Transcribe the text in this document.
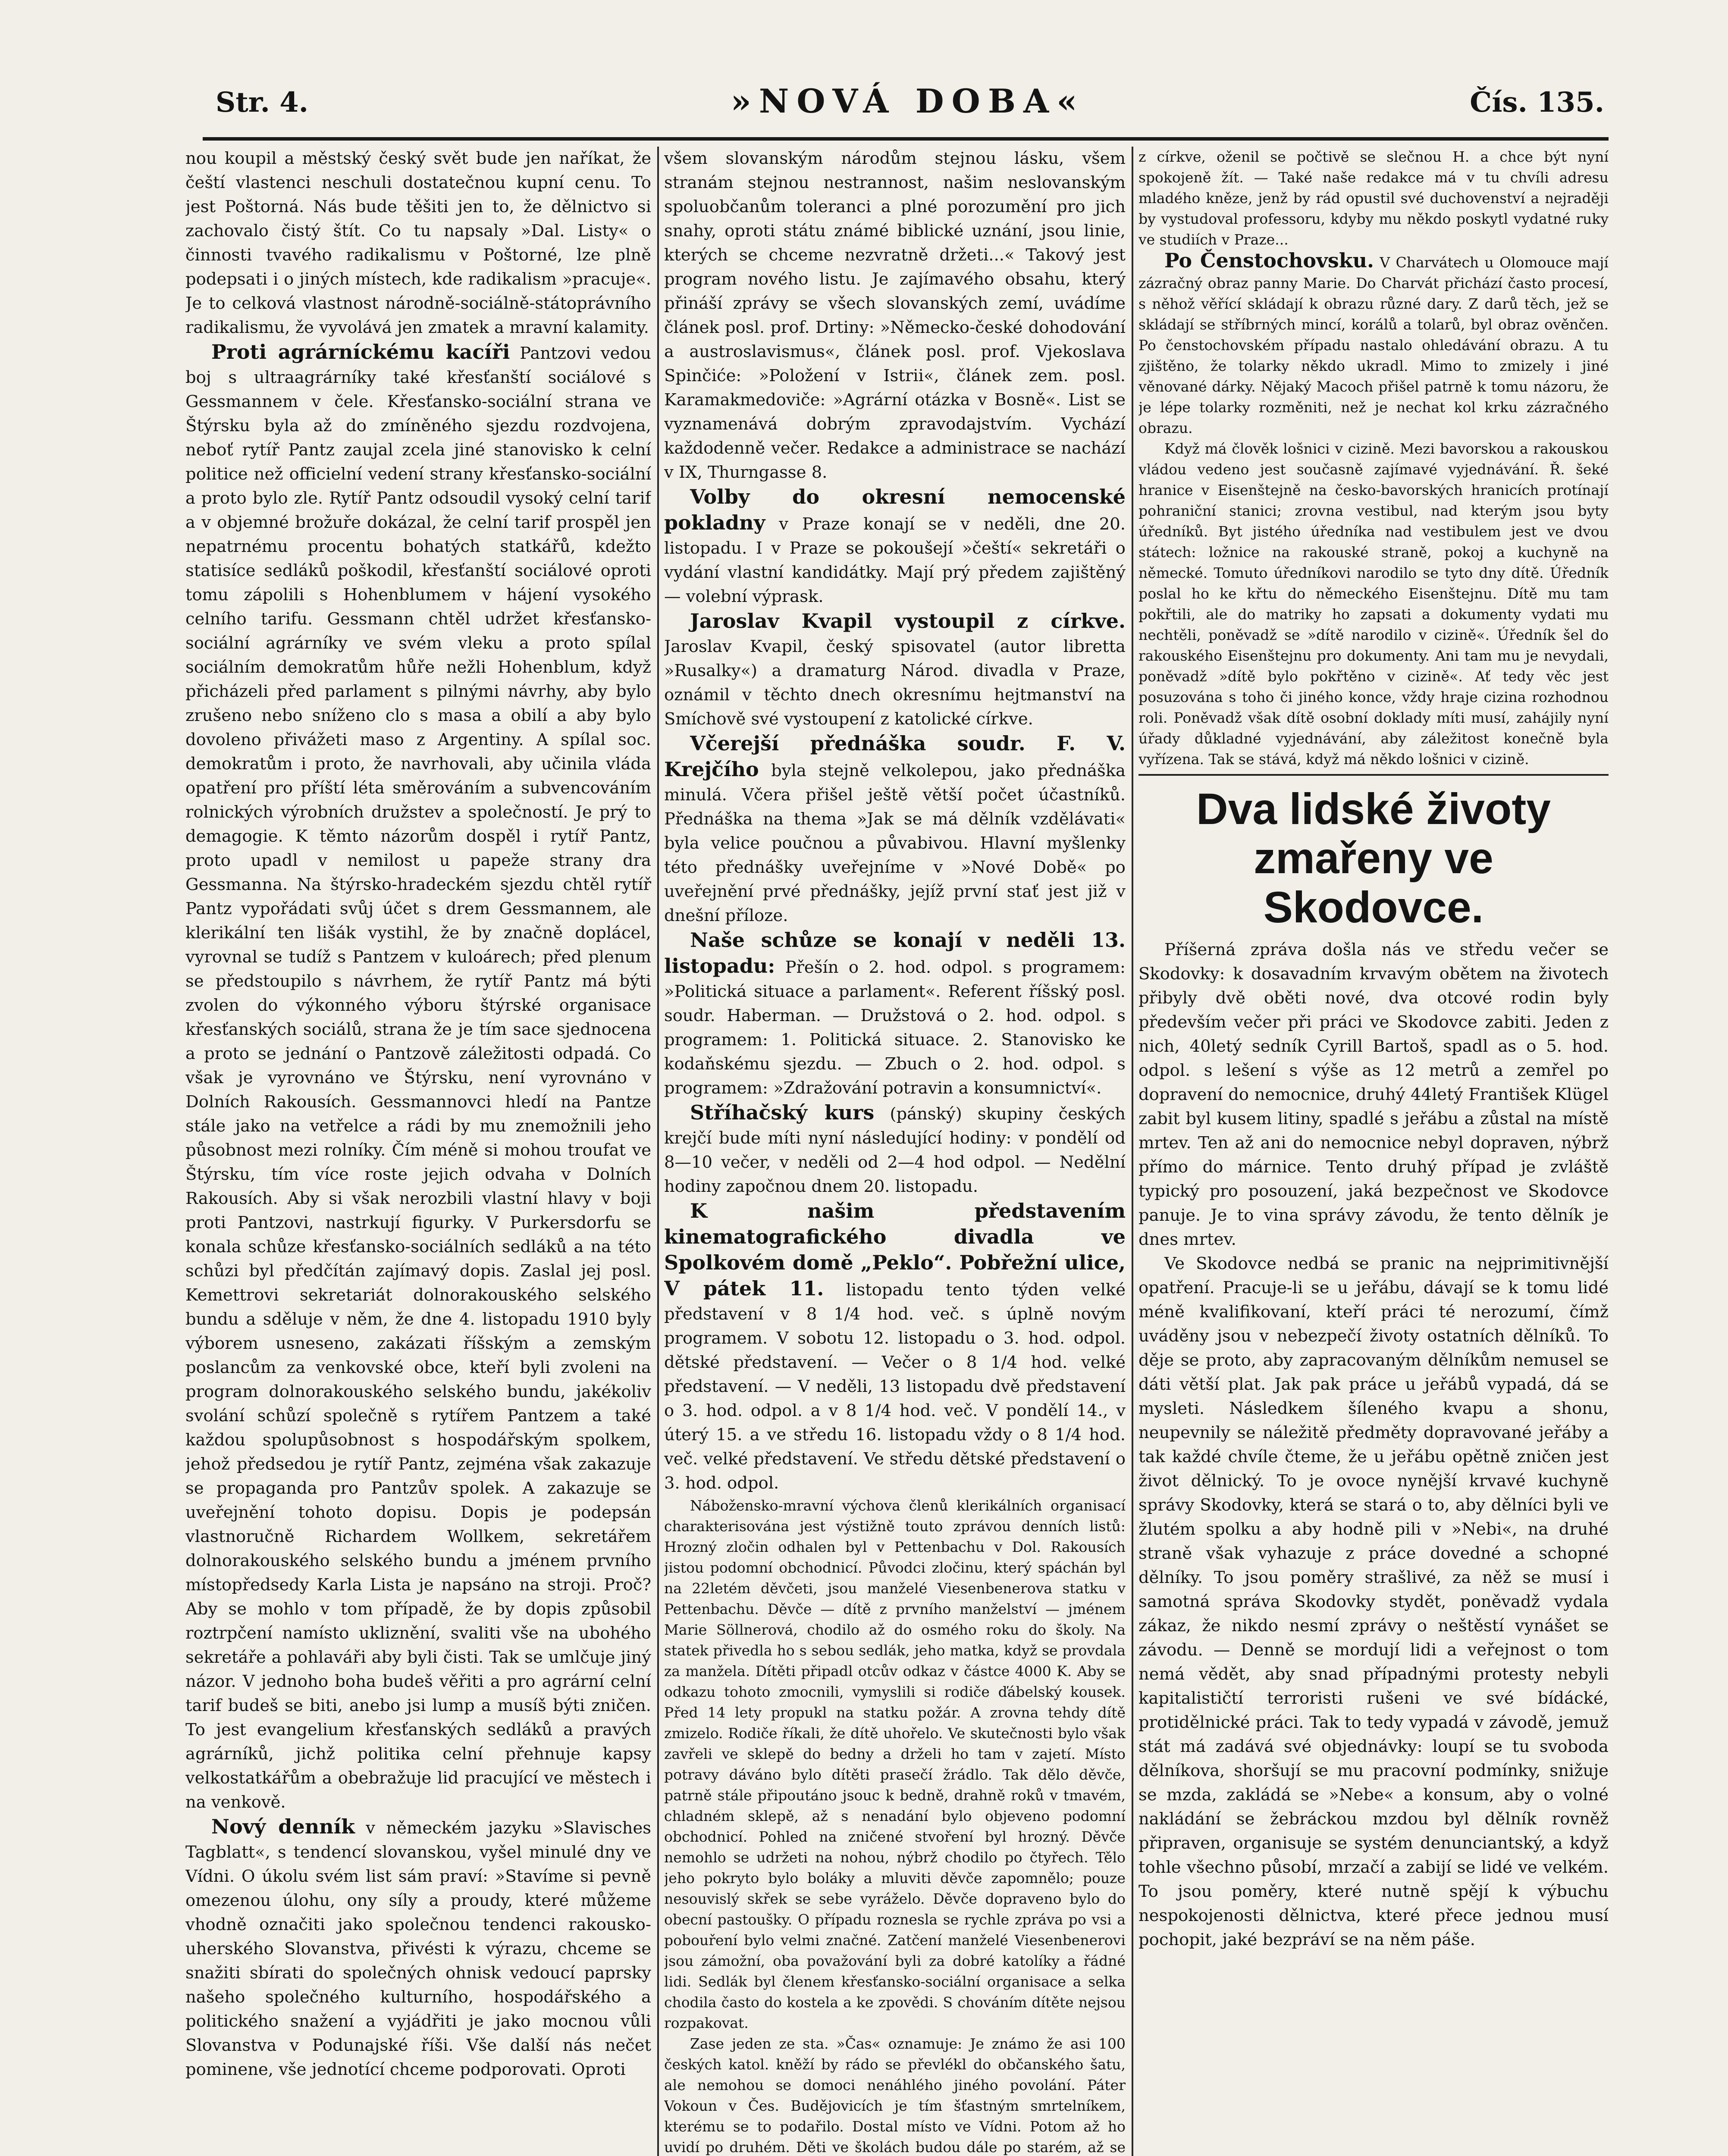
Str. 4.	»NOVÁ DOBA«	Čís. 135.

nou koupil a městský český svět bude jen naříkat, že čeští vlastenci neschuli dostatečnou kupní cenu. To jest Poštorná. Nás bude těšiti jen to, že dělnictvo si zachovalo čistý štít. Co tu napsaly »Dal. Listy« o činnosti tvavého radikalismu v Poštorné, lze plně podepsati i o jiných místech, kde radikalism »pracuje«. Je to celková vlastnost národně-sociálně-státoprávního radikalismu, že vyvolává jen zmatek a mravní kalamity.

Proti agrárníckému kacíři Pantzovi vedou boj s ultraagrárníky také křesťanští sociálové s Gessmannem v čele. Křesťansko-sociální strana ve Štýrsku byla až do zmíněného sjezdu rozdvojena, neboť rytíř Pantz zaujal zcela jiné stanovisko k celní politice než officielní vedení strany křesťansko-sociální a proto bylo zle. Rytíř Pantz odsoudil vysoký celní tarif a v objemné brožuře dokázal, že celní tarif prospěl jen nepatrnému procentu bohatých statkářů, kdežto statisíce sedláků poškodil, křesťanští sociálové oproti tomu zápolili s Hohenblumem v hájení vysokého celního tarifu. Gessmann chtěl udržet křesťansko-sociální agrárníky ve svém vleku a proto spílal sociálním demokratům hůře nežli Hohenblum, když přicházeli před parlament s pilnými návrhy, aby bylo zrušeno nebo sníženo clo s masa a obilí a aby bylo dovoleno přivážeti maso z Argentiny. A spílal soc. demokratům i proto, že navrhovali, aby učinila vláda opatření pro příští léta směrováním a subvencováním rolnických výrobních družstev a společností. Je prý to demagogie. K těmto názorům dospěl i rytíř Pantz, proto upadl v nemilost u papeže strany dra Gessmanna. Na štýrsko-hradeckém sjezdu chtěl rytíř Pantz vypořádati svůj účet s drem Gessmannem, ale klerikální ten lišák vystihl, že by značně doplácel, vyrovnal se tudíž s Pantzem v kuloárech; před plenum se předstoupilo s návrhem, že rytíř Pantz má býti zvolen do výkonného výboru štýrské organisace křesťanských sociálů, strana že je tím sace sjednocena a proto se jednání o Pantzově záležitosti odpadá. Co však je vyrovnáno ve Štýrsku, není vyrovnáno v Dolních Rakousích. Gessmannovci hledí na Pantze stále jako na vetřelce a rádi by mu znemožnili jeho působnost mezi rolníky. Čím méně si mohou troufat ve Štýrsku, tím více roste jejich odvaha v Dolních Rakousích. Aby si však nerozbili vlastní hlavy v boji proti Pantzovi, nastrkují figurky. V Purkersdorfu se konala schůze křesťansko-sociálních sedláků a na této schůzi byl předčítán zajímavý dopis. Zaslal jej posl. Kemettrovi sekretariát dolnorakouského selského bundu a sděluje v něm, že dne 4. listopadu 1910 byly výborem usneseno, zakázati říšským a zemským poslancům za venkovské obce, kteří byli zvoleni na program dolnorakouského selského bundu, jakékoliv svolání schůzí společně s rytířem Pantzem a také každou spolupůsobnost s hospodářským spolkem, jehož předsedou je rytíř Pantz, zejména však zakazuje se propaganda pro Pantzův spolek. A zakazuje se uveřejnění tohoto dopisu. Dopis je podepsán vlastnoručně Richardem Wollkem, sekretářem dolnorakouského selského bundu a jménem prvního místopředsedy Karla Lista je napsáno na stroji. Proč? Aby se mohlo v tom případě, že by dopis způsobil roztrpčení namísto ukliznění, svaliti vše na ubohého sekretáře a pohlaváři aby byli čisti. Tak se umlčuje jiný názor. V jednoho boha budeš věřiti a pro agrární celní tarif budeš se biti, anebo jsi lump a musíš býti zničen. To jest evangelium křesťanských sedláků a pravých agrárníků, jichž politika celní přehnuje kapsy velkostatkářům a obebražuje lid pracující ve městech i na venkově.

Nový denník v německém jazyku »Slavisches Tagblatt«, s tendencí slovanskou, vyšel minulé dny ve Vídni. O úkolu svém list sám praví: »Stavíme si pevně omezenou úlohu, ony síly a proudy, které můžeme vhodně označiti jako společnou tendenci rakousko-uherského Slovanstva, přivésti k výrazu, chceme se snažiti sbírati do společných ohnisk vedoucí paprsky našeho společného kulturního, hospodářského a politického snažení a vyjádřiti je jako mocnou vůli Slovanstva v Podunajské říši. Vše další nás nečet pominene, vše jednotící chceme podporovati. Oproti

všem slovanským národům stejnou lásku, všem stranám stejnou nestrannost, našim neslovanským spoluobčanům toleranci a plné porozumění pro jich snahy, oproti státu známé biblické uznání, jsou linie, kterých se chceme nezvratně držeti...« Takový jest program nového listu. Je zajímavého obsahu, který přináší zprávy se všech slovanských zemí, uvádíme článek posl. prof. Drtiny: »Německo-české dohodování a austroslavismus«, článek posl. prof. Vjekoslava Spinčiće: »Položení v Istrii«, článek zem. posl. Karamakmedoviče: »Agrární otázka v Bosně«. List se vyznamenává dobrým zpravodajstvím. Vychází každodenně večer. Redakce a administrace se nachází v IX, Thurngasse 8.

Volby do okresní nemocenské pokladny v Praze konají se v neděli, dne 20. listopadu. I v Praze se pokoušejí »čeští« sekretáři o vydání vlastní kandidátky. Mají prý předem zajištěný — volební výprask.

Jaroslav Kvapil vystoupil z církve. Jaroslav Kvapil, český spisovatel (autor libretta »Rusalky«) a dramaturg Národ. divadla v Praze, oznámil v těchto dnech okresnímu hejtmanství na Smíchově své vystoupení z katolické církve.

Včerejší přednáška soudr. F. V. Krejčího byla stejně velkolepou, jako přednáška minulá. Včera přišel ještě větší počet účastníků. Přednáška na thema »Jak se má dělník vzdělávati« byla velice poučnou a půvabivou. Hlavní myšlenky této přednášky uveřejníme v »Nové Době« po uveřejnění prvé přednášky, jejíž první stať jest již v dnešní příloze.

Naše schůze se konají v neděli 13. listopadu: Přešín o 2. hod. odpol. s programem: »Politická situace a parlament«. Referent říšský posl. soudr. Haberman. — Družstová o 2. hod. odpol. s programem: 1. Politická situace. 2. Stanovisko ke kodaňskému sjezdu. — Zbuch o 2. hod. odpol. s programem: »Zdražování potravin a konsumnictví«.

Stříhačský kurs (pánský) skupiny českých krejčí bude míti nyní následující hodiny: v pondělí od 8—10 večer, v neděli od 2—4 hod odpol. — Nedělní hodiny započnou dnem 20. listopadu.

K našim představením kinematografického divadla ve Spolkovém domě „Peklo“. Pobřežní ulice, V pátek 11. listopadu tento týden velké představení v 8 1/4 hod. več. s úplně novým programem. V sobotu 12. listopadu o 3. hod. odpol. dětské představení. — Večer o 8 1/4 hod. velké představení. — V neděli, 13 listopadu dvě představení o 3. hod. odpol. a v 8 1/4 hod. več. V pondělí 14., v úterý 15. a ve středu 16. listopadu vždy o 8 1/4 hod. več. velké představení. Ve středu dětské představení o 3. hod. odpol.

Nábožensko-mravní výchova členů klerikálních organisací charakterisována jest výstižně touto zprávou denních listů: Hrozný zločin odhalen byl v Pettenbachu v Dol. Rakousích jistou podomní obchodnicí. Původci zločinu, který spáchán byl na 22letém děvčeti, jsou manželé Viesenbenerova statku v Pettenbachu. Děvče — dítě z prvního manželství — jménem Marie Söllnerová, chodilo až do osmého roku do školy. Na statek přivedla ho s sebou sedlák, jeho matka, když se provdala za manžela. Dítěti připadl otcův odkaz v částce 4000 K. Aby se odkazu tohoto zmocnili, vymyslili si rodiče ďábelský kousek. Před 14 lety propukl na statku požár. A zrovna tehdy dítě zmizelo. Rodiče říkali, že dítě uhořelo. Ve skutečnosti bylo však zavřeli ve sklepě do bedny a drželi ho tam v zajetí. Místo potravy dáváno bylo dítěti prasečí žrádlo. Tak dělo děvče, patrně stále připoutáno jsouc k bedně, drahně roků v tmavém, chladném sklepě, až s nenadání bylo objeveno podomní obchodnicí. Pohled na zničené stvoření byl hrozný. Děvče nemohlo se udržeti na nohou, nýbrž chodilo po čtyřech. Tělo jeho pokryto bylo boláky a mluviti děvče zapomnělo; pouze nesouvislý skřek se sebe vyráželo. Děvče dopraveno bylo do obecní pastoušky. O případu roznesla se rychle zpráva po vsi a pobouření bylo velmi značné. Zatčení manželé Viesenbenerovi jsou zámožní, oba považování byli za dobré katolíky a řádné lidi. Sedlák byl členem křesťansko-sociální organisace a selka chodila často do kostela a ke zpovědi. S chováním dítěte nejsou rozpakovat.

Zase jeden ze sta. »Čas« oznamuje: Je známo že asi 100 českých katol. kněží by rádo se převlékl do občanského šatu, ale nemohou se domoci nenáhlého jiného povolání. Páter Vokoun v Čes. Budějovicích je tím šťastným smrtelníkem, kterému se to podařilo. Dostal místo ve Vídni. Potom až ho uvidí po druhém. Děti ve školách budou dále po starém, až se

z církve, oženil se počtivě se slečnou H. a chce být nyní spokojeně žít. — Také naše redakce má v tu chvíli adresu mladého kněze, jenž by rád opustil své duchovenství a nejraději by vystudoval professoru, kdyby mu někdo poskytl vydatné ruky ve studiích v Praze...

Po Čenstochovsku. V Charvátech u Olomouce mají zázračný obraz panny Marie. Do Charvát přichází často procesí, s něhož věřící skládají k obrazu různé dary. Z darů těch, jež se skládají se stříbrných mincí, korálů a tolarů, byl obraz ověnčen. Po čenstochovském případu nastalo ohledávání obrazu. A tu zjištěno, že tolarky někdo ukradl. Mimo to zmizely i jiné věnované dárky. Nějaký Macoch přišel patrně k tomu názoru, že je lépe tolarky rozměniti, než je nechat kol krku zázračného obrazu.

Když má člověk lošnici v cizině. Mezi bavorskou a rakouskou vládou vedeno jest současně zajímavé vyjednávání. Ř. šeké hranice v Eisenštejně na česko-bavorských hranicích protínají pohraniční stanici; zrovna vestibul, nad kterým jsou byty úředníků. Byt jistého úředníka nad vestibulem jest ve dvou státech: ložnice na rakouské straně, pokoj a kuchyně na německé. Tomuto úředníkovi narodilo se tyto dny dítě. Úředník poslal ho ke křtu do německého Eisenštejnu. Dítě mu tam pokřtili, ale do matriky ho zapsati a dokumenty vydati mu nechtěli, poněvadž se »dítě narodilo v cizině«. Úředník šel do rakouského Eisenštejnu pro dokumenty. Ani tam mu je nevydali, poněvadž »dítě bylo pokřtěno v cizině«. Ať tedy věc jest posuzována s toho či jiného konce, vždy hraje cizina rozhodnou roli. Poněvadž však dítě osobní doklady míti musí, zahájily nyní úřady důkladné vyjednávání, aby záležitost konečně byla vyřízena. Tak se stává, když má někdo lošnici v cizině.

Dva lidské životy zmařeny ve Skodovce.

Příšerná zpráva došla nás ve středu večer se Skodovky: k dosavadním krvavým obětem na životech přibyly dvě oběti nové, dva otcové rodin byly především večer při práci ve Skodovce zabiti. Jeden z nich, 40letý sedník Cyrill Bartoš, spadl as o 5. hod. odpol. s lešení s výše as 12 metrů a zemřel po dopravení do nemocnice, druhý 44letý František Klügel zabit byl kusem litiny, spadlé s jeřábu a zůstal na místě mrtev. Ten až ani do nemocnice nebyl dopraven, nýbrž přímo do márnice. Tento druhý případ je zvláště typický pro posouzení, jaká bezpečnost ve Skodovce panuje. Je to vina správy závodu, že tento dělník je dnes mrtev.

Ve Skodovce nedbá se pranic na nejprimitivnější opatření. Pracuje-li se u jeřábu, dávají se k tomu lidé méně kvalifikovaní, kteří práci té nerozumí, čímž uváděny jsou v nebezpečí životy ostatních dělníků. To děje se proto, aby zapracovaným dělníkům nemusel se dáti větší plat. Jak pak práce u jeřábů vypadá, dá se mysleti. Následkem šíleného kvapu a shonu, neupevnily se náležitě předměty dopravované jeřáby a tak každé chvíle čteme, že u jeřábu opětně zničen jest život dělnický. To je ovoce nynější krvavé kuchyně správy Skodovky, která se stará o to, aby dělníci byli ve žlutém spolku a aby hodně pili v »Nebi«, na druhé straně však vyhazuje z práce dovedné a schopné dělníky. To jsou poměry strašlivé, za něž se musí i samotná správa Skodovky stydět, poněvadž vydala zákaz, že nikdo nesmí zprávy o neštěstí vynášet se závodu. — Denně se mordují lidi a veřejnost o tom nemá vědět, aby snad případnými protesty nebyli kapitalističtí terroristi rušeni ve své bídácké, protidělnické práci. Tak to tedy vypadá v závodě, jemuž stát má zadává své objednávky: loupí se tu svoboda dělníkova, shoršují se mu pracovní podmínky, snižuje se mzda, zakládá se »Nebe« a konsum, aby o volné nakládání se žebráckou mzdou byl dělník rovněž připraven, organisuje se systém denunciantský, a když tohle všechno působí, mrzačí a zabijí se lidé ve velkém. To jsou poměry, které nutně spějí k výbuchu nespokojenosti dělnictva, které přece jednou musí pochopit, jaké bezpráví se na něm páše.
